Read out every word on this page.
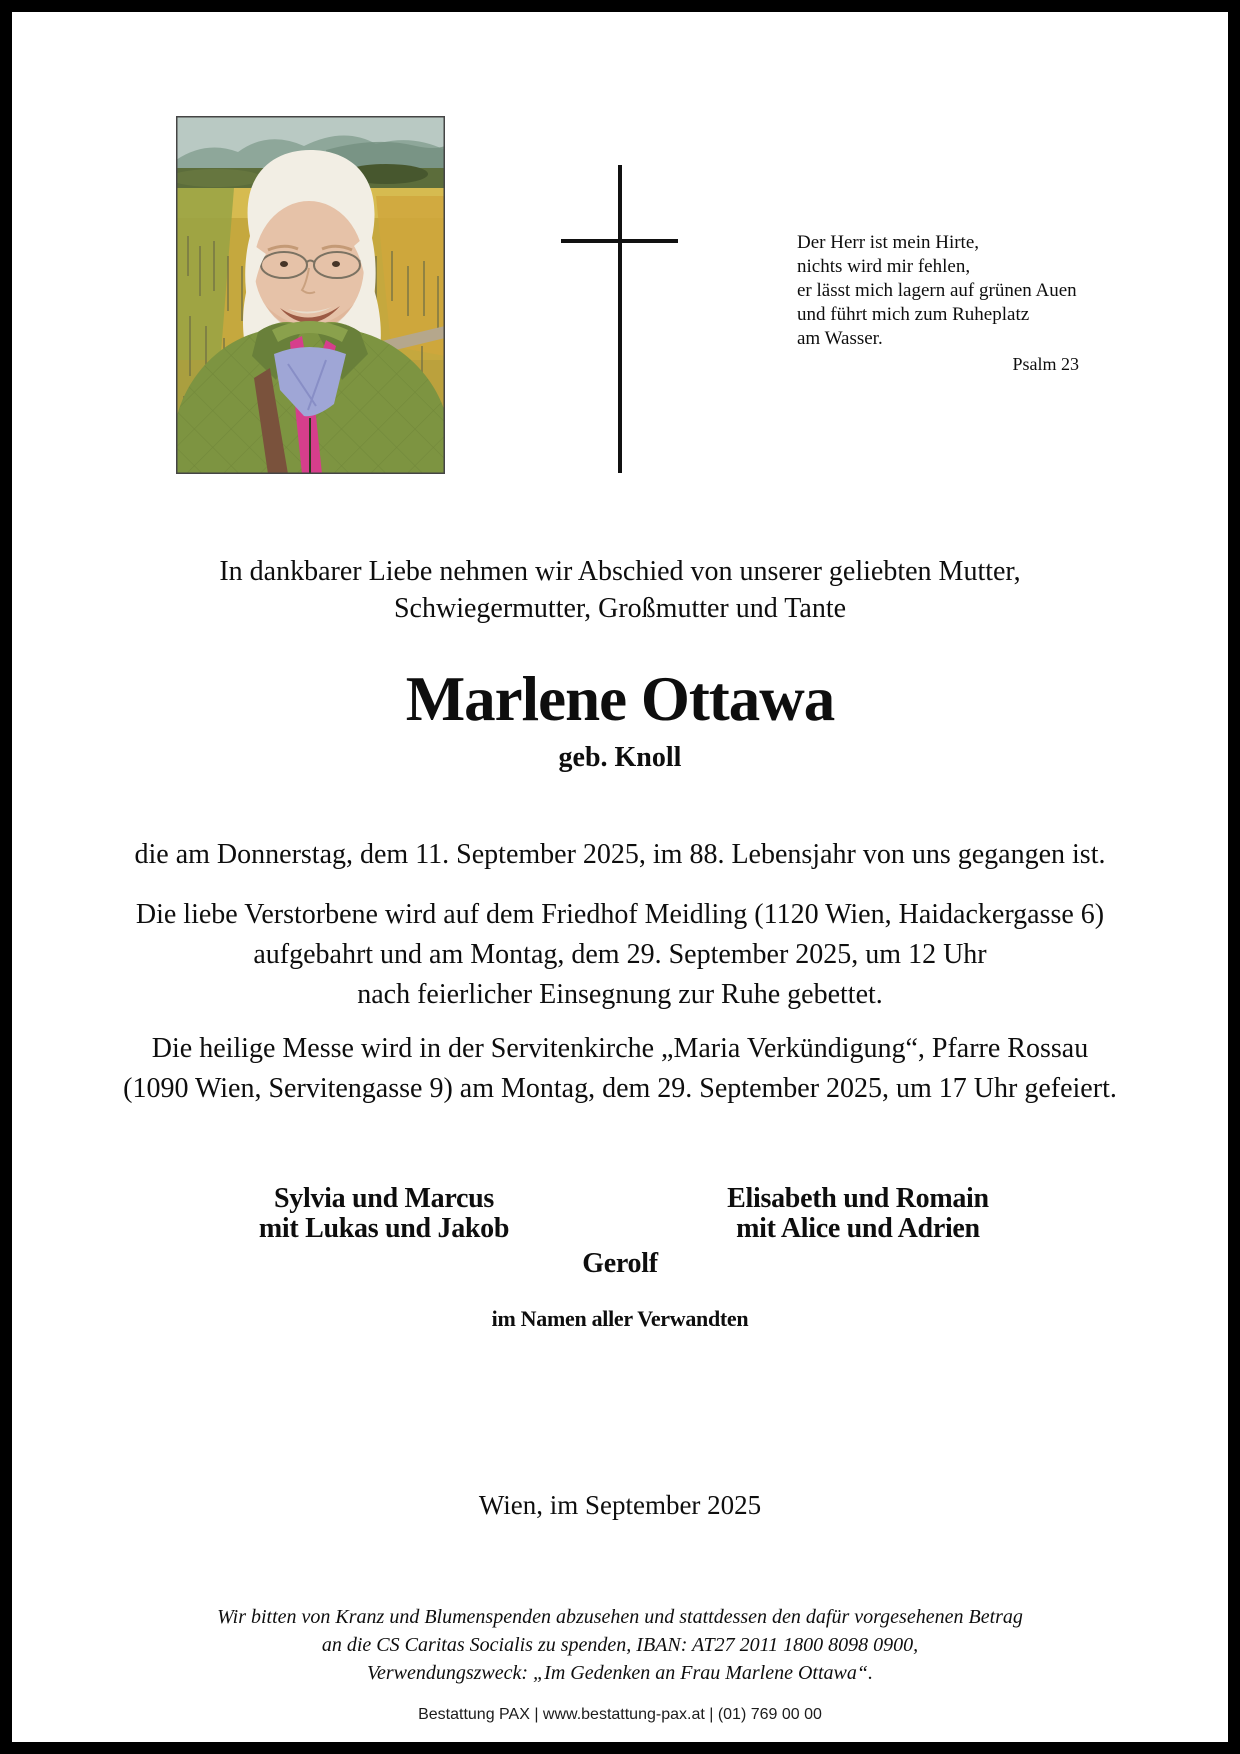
Der Herr ist mein Hirte,
nichts wird mir fehlen,
er lässt mich lagern auf grünen Auen
und führt mich zum Ruheplatz
am Wasser.
Psalm 23
In dankbarer Liebe nehmen wir Abschied von unserer geliebten Mutter,
Schwiegermutter, Großmutter und Tante
Marlene Ottawa
geb. Knoll
die am Donnerstag, dem 11. September 2025, im 88. Lebensjahr von uns gegangen ist.
Die liebe Verstorbene wird auf dem Friedhof Meidling (1120 Wien, Haidackergasse 6)
aufgebahrt und am Montag, dem 29. September 2025, um 12 Uhr
nach feierlicher Einsegnung zur Ruhe gebettet.
Die heilige Messe wird in der Servitenkirche „Maria Verkündigung“, Pfarre Rossau
(1090 Wien, Servitengasse 9) am Montag, dem 29. September 2025, um 17 Uhr gefeiert.
Sylvia und Marcus
mit Lukas und Jakob
Elisabeth und Romain
mit Alice und Adrien
Gerolf
im Namen aller Verwandten
Wien, im September 2025
Wir bitten von Kranz und Blumenspenden abzusehen und stattdessen den dafür vorgesehenen Betrag
an die CS Caritas Socialis zu spenden, IBAN: AT27 2011 1800 8098 0900,
Verwendungszweck: „Im Gedenken an Frau Marlene Ottawa“.
Bestattung PAX | www.bestattung-pax.at | (01) 769 00 00
